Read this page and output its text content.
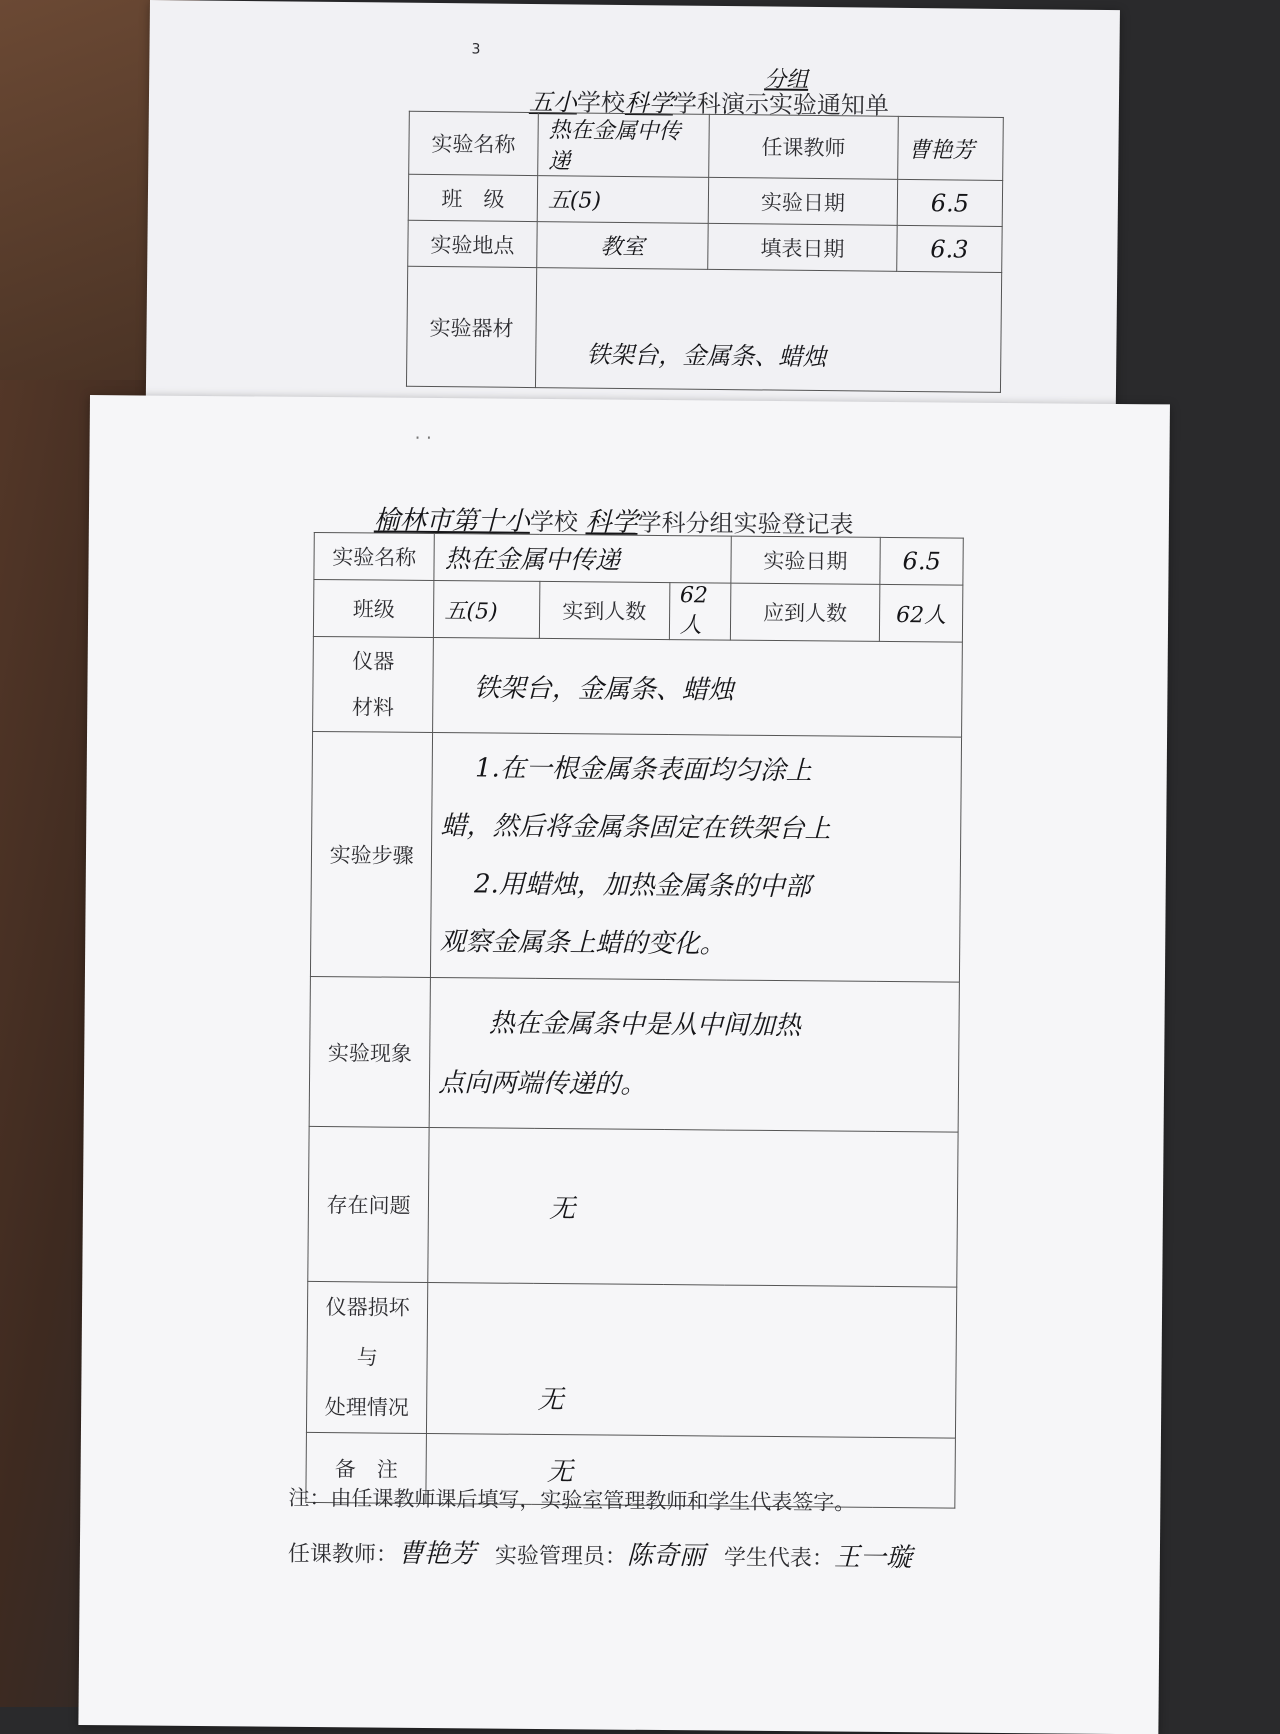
3
五小学校科学学科演示实验通知单
分组
实验名称	热在金属中传递	任课教师	曹艳芳
班　级	五(5)	实验日期	6.5
实验地点	教室	填表日期	6.3
实验器材	铁架台，金属条、蜡烛		
· ·
榆林市第十小学校 科学学科分组实验登记表
实验名称	热在金属中传递			实验日期	6.5
班级	五(5)	实到人数	62人	应到人数	62人

仪器
材料	铁架台，金属条、蜡烛				
实验步骤	1.在一根金属条表面均匀涂上
蜡，然后将金属条固定在铁架台上
2.用蜡烛，加热金属条的中部
观察金属条上蜡的变化。				

实验现象	热在金属条中是从中间加热
点向两端传递的。				

存在问题	无				

仪器损坏与
处理情况	无				
备　注	无				
注：由任课教师课后填写，实验室管理教师和学生代表签字。
任课教师：曹艳芳 实验管理员：陈奇丽 学生代表：王一璇
